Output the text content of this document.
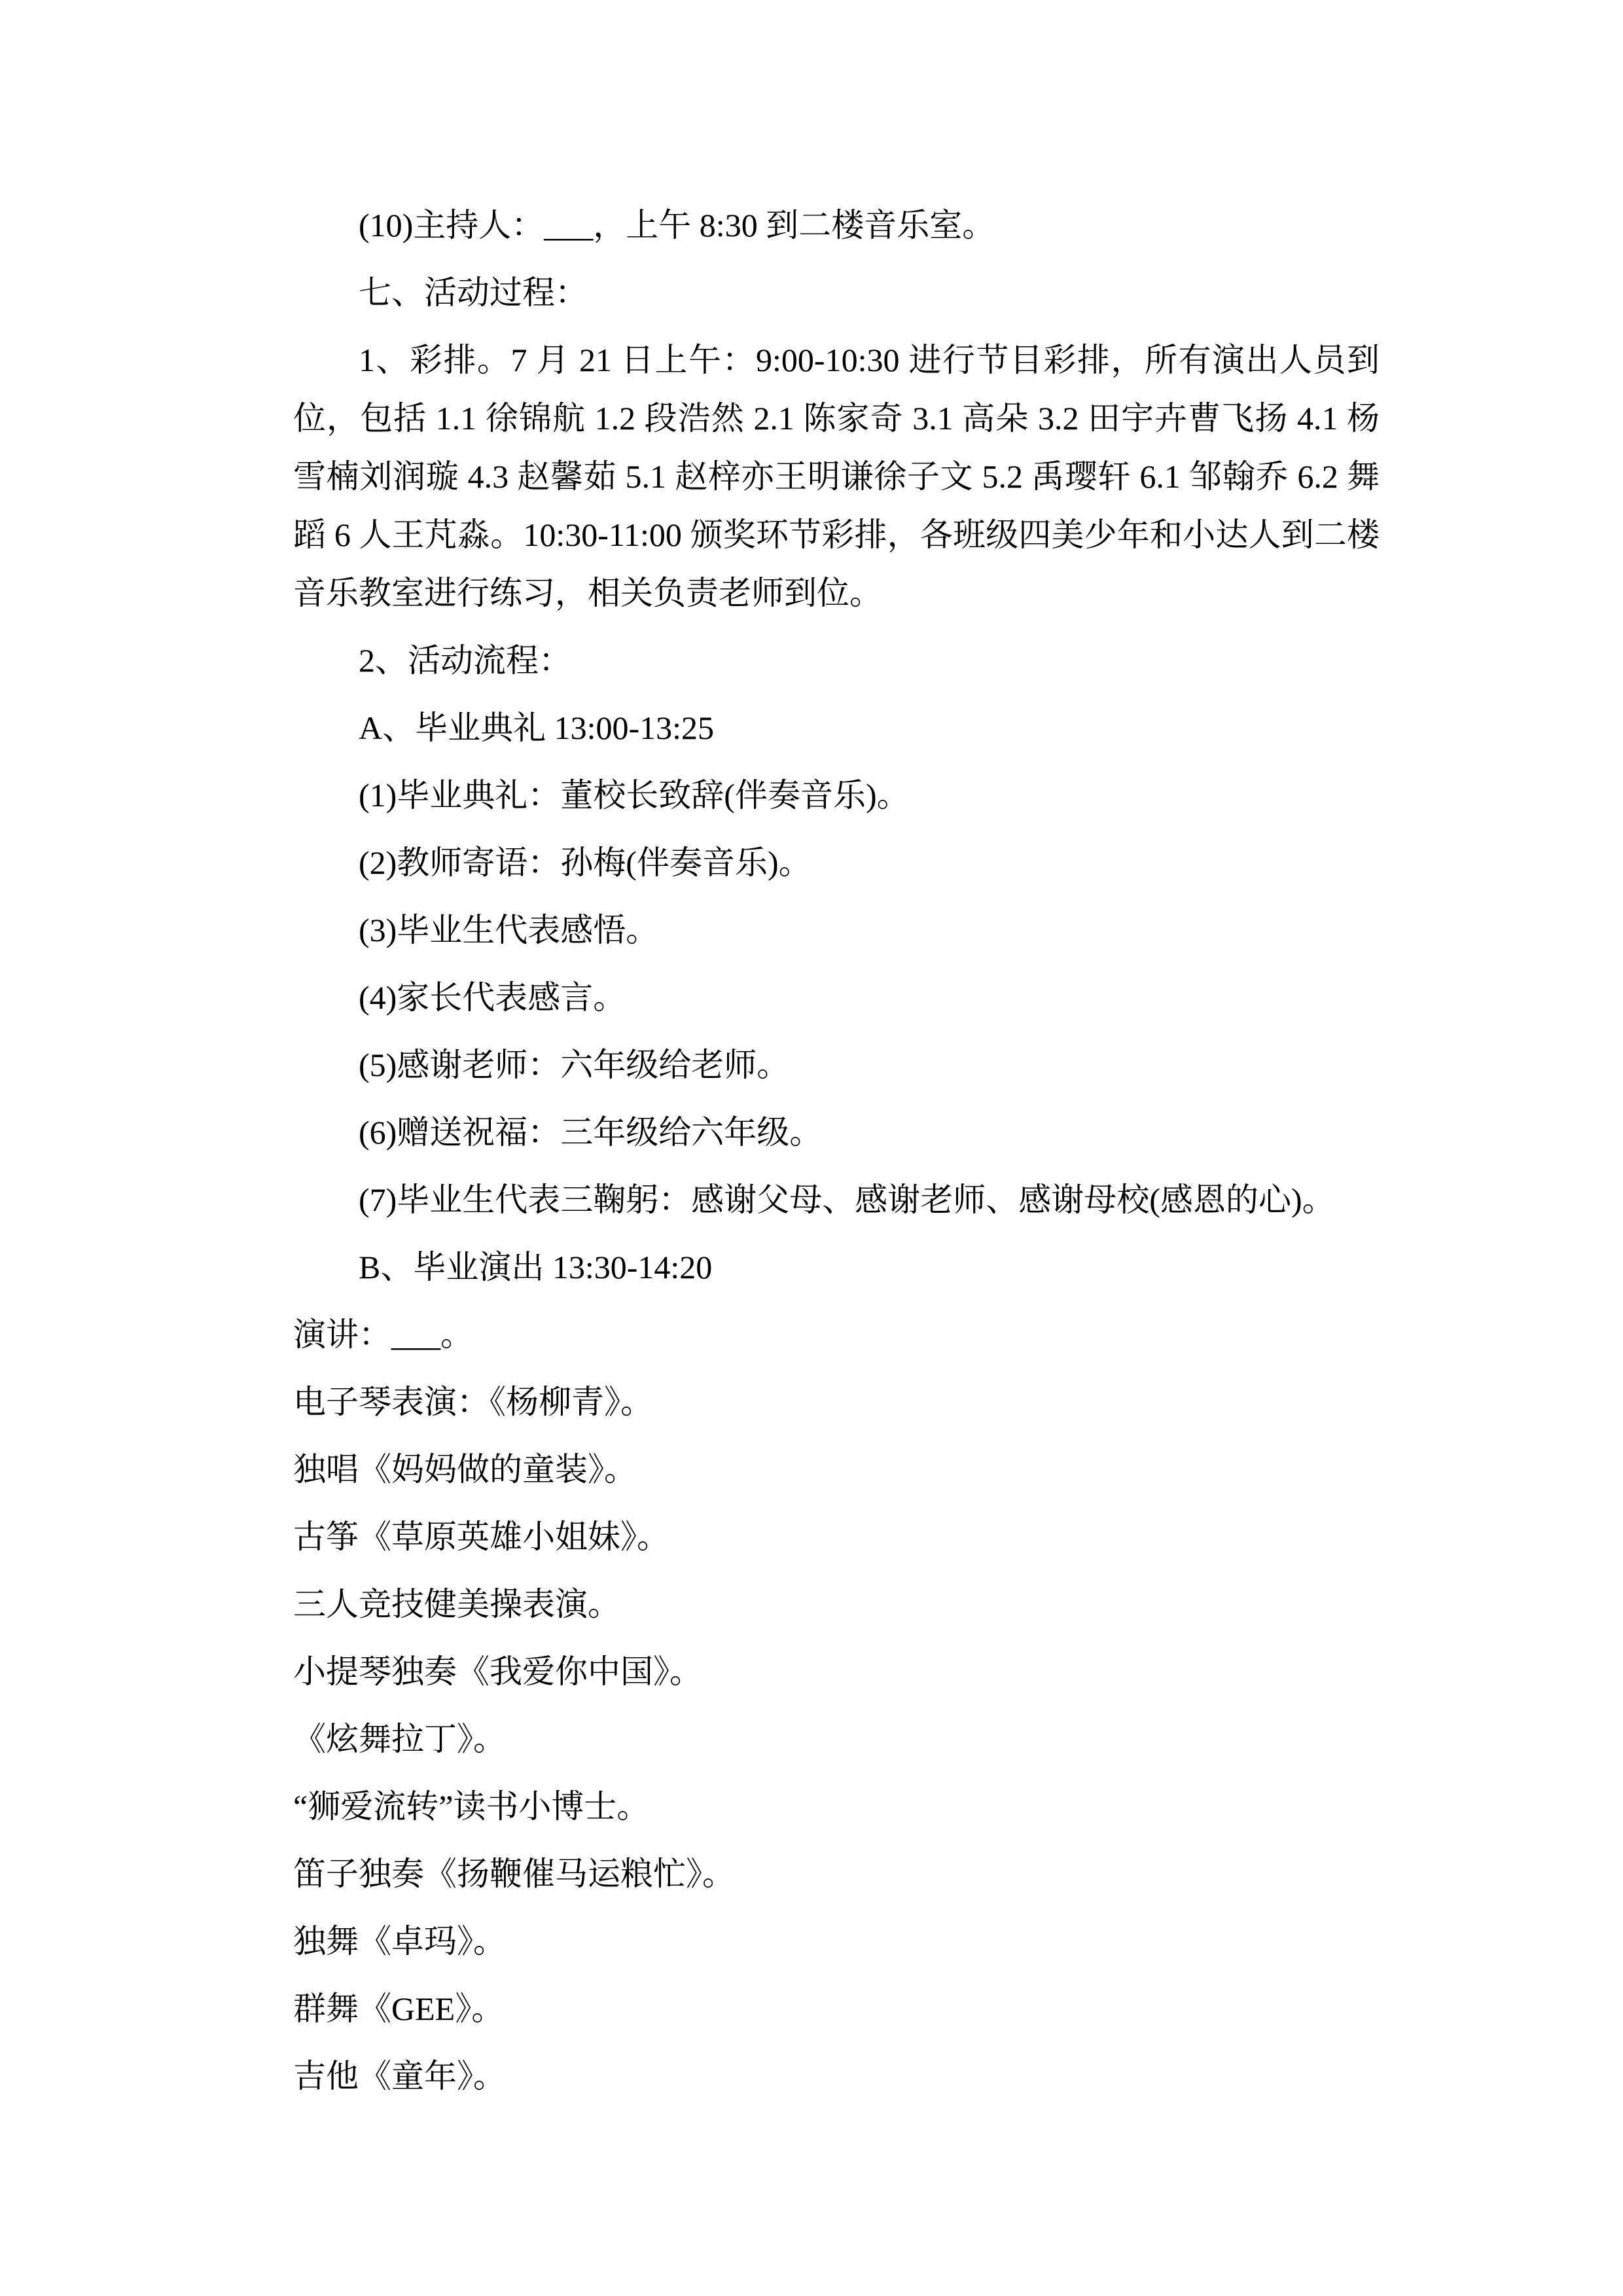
(10)主持人：___，上午 8:30 到二楼音乐室。

七、活动过程：

1、彩排。7 月 21 日上午：9:00-10:30 进行节目彩排，所有演出人员到位，包括 1.1 徐锦航 1.2 段浩然 2.1 陈家奇 3.1 高朵 3.2 田宇卉曹飞扬 4.1 杨雪楠刘润璇 4.3 赵馨茹 5.1 赵梓亦王明谦徐子文 5.2 禹璎轩 6.1 邹翰乔 6.2 舞蹈 6 人王芃淼。10:30-11:00 颁奖环节彩排，各班级四美少年和小达人到二楼音乐教室进行练习，相关负责老师到位。

2、活动流程：

A、毕业典礼 13:00-13:25

(1)毕业典礼：董校长致辞(伴奏音乐)。

(2)教师寄语：孙梅(伴奏音乐)。

(3)毕业生代表感悟。

(4)家长代表感言。

(5)感谢老师：六年级给老师。

(6)赠送祝福：三年级给六年级。

(7)毕业生代表三鞠躬：感谢父母、感谢老师、感谢母校(感恩的心)。

B、毕业演出 13:30-14:20

演讲：___。

电子琴表演：《杨柳青》。

独唱《妈妈做的童装》。

古筝《草原英雄小姐妹》。

三人竞技健美操表演。

小提琴独奏《我爱你中国》。

《炫舞拉丁》。

“狮爱流转”读书小博士。

笛子独奏《扬鞭催马运粮忙》。

独舞《卓玛》。

群舞《GEE》。

吉他《童年》。
